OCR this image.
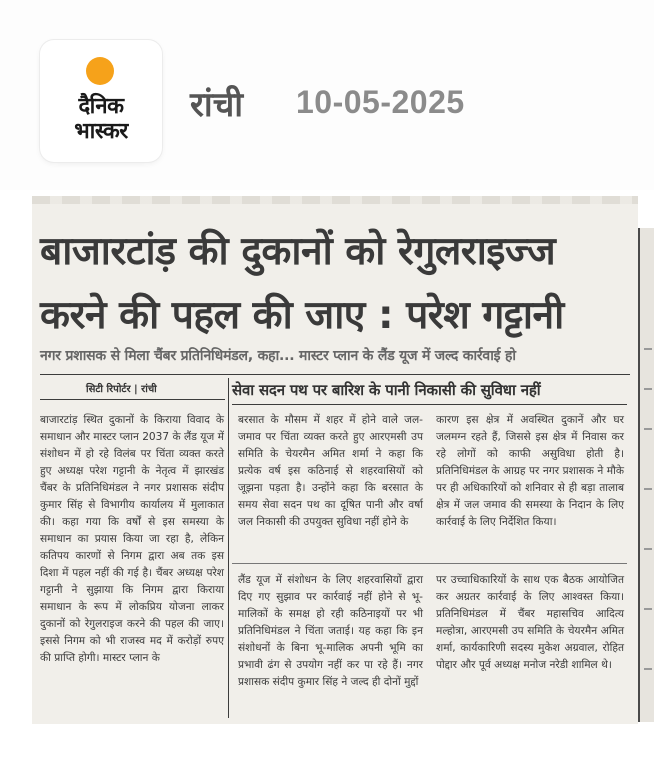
दैनिक
भास्कर
रांची 10-05-2025
बाजारटांड़ की दुकानों को रेगुलराइज्ज करने की पहल की जाए : परेश गट्टानी
नगर प्रशासक से मिला चैंबर प्रतिनिधिमंडल, कहा... मास्टर प्लान के लैंड यूज में जल्द कार्रवाई हो
सिटी रिपोर्टर | रांची	सेवा सदन पथ पर बारिश के पानी निकासी की सुविधा नहीं
बाजारटांड़ स्थित दुकानों के किराया विवाद के समाधान और मास्टर प्लान 2037 के लैंड यूज में संशोधन में हो रहे विलंब पर चिंता व्यक्त करते हुए अध्यक्ष परेश गट्टानी के नेतृत्व में झारखंड चैंबर के प्रतिनिधिमंडल ने नगर प्रशासक संदीप कुमार सिंह से विभागीय कार्यालय में मुलाकात की। कहा गया कि वर्षों से इस समस्या के समाधान का प्रयास किया जा रहा है, लेकिन कतिपय कारणों से निगम द्वारा अब तक इस दिशा में पहल नहीं की गई है। चैंबर अध्यक्ष परेश गट्टानी ने सुझाया कि निगम द्वारा किराया समाधान के रूप में लोकप्रिय योजना लाकर दुकानों को रेगुलराइज करने की पहल की जाए। इससे निगम को भी राजस्व मद में करोड़ों रुपए की प्राप्ति होगी। मास्टर प्लान के
बरसात के मौसम में शहर में होने वाले जल-जमाव पर चिंता व्यक्त करते हुए आरएमसी उप समिति के चेयरमैन अमित शर्मा ने कहा कि प्रत्येक वर्ष इस कठिनाई से शहरवासियों को जूझना पड़ता है। उन्होंने कहा कि बरसात के समय सेवा सदन पथ का दूषित पानी और वर्षा जल निकासी की उपयुक्त सुविधा नहीं होने के
कारण इस क्षेत्र में अवस्थित दुकानें और घर जलमग्न रहते हैं, जिससे इस क्षेत्र में निवास कर रहे लोगों को काफी असुविधा होती है। प्रतिनिधिमंडल के आग्रह पर नगर प्रशासक ने मौके पर ही अधिकारियों को शनिवार से ही बड़ा तालाब क्षेत्र में जल जमाव की समस्या के निदान के लिए कार्रवाई के लिए निर्देशित किया।
लैंड यूज में संशोधन के लिए शहरवासियों द्वारा दिए गए सुझाव पर कार्रवाई नहीं होने से भू-मालिकों के समक्ष हो रही कठिनाइयों पर भी प्रतिनिधिमंडल ने चिंता जताई। यह कहा कि इन संशोधनों के बिना भू-मालिक अपनी भूमि का प्रभावी ढंग से उपयोग नहीं कर पा रहे हैं। नगर प्रशासक संदीप कुमार सिंह ने जल्द ही दोनों मुद्दों
पर उच्चाधिकारियों के साथ एक बैठक आयोजित कर अग्रतर कार्रवाई के लिए आश्वस्त किया। प्रतिनिधिमंडल में चैंबर महासचिव आदित्य मल्होत्रा, आरएमसी उप समिति के चेयरमैन अमित शर्मा, कार्यकारिणी सदस्य मुकेश अग्रवाल, रोहित पोद्दार और पूर्व अध्यक्ष मनोज नरेडी शामिल थे।
